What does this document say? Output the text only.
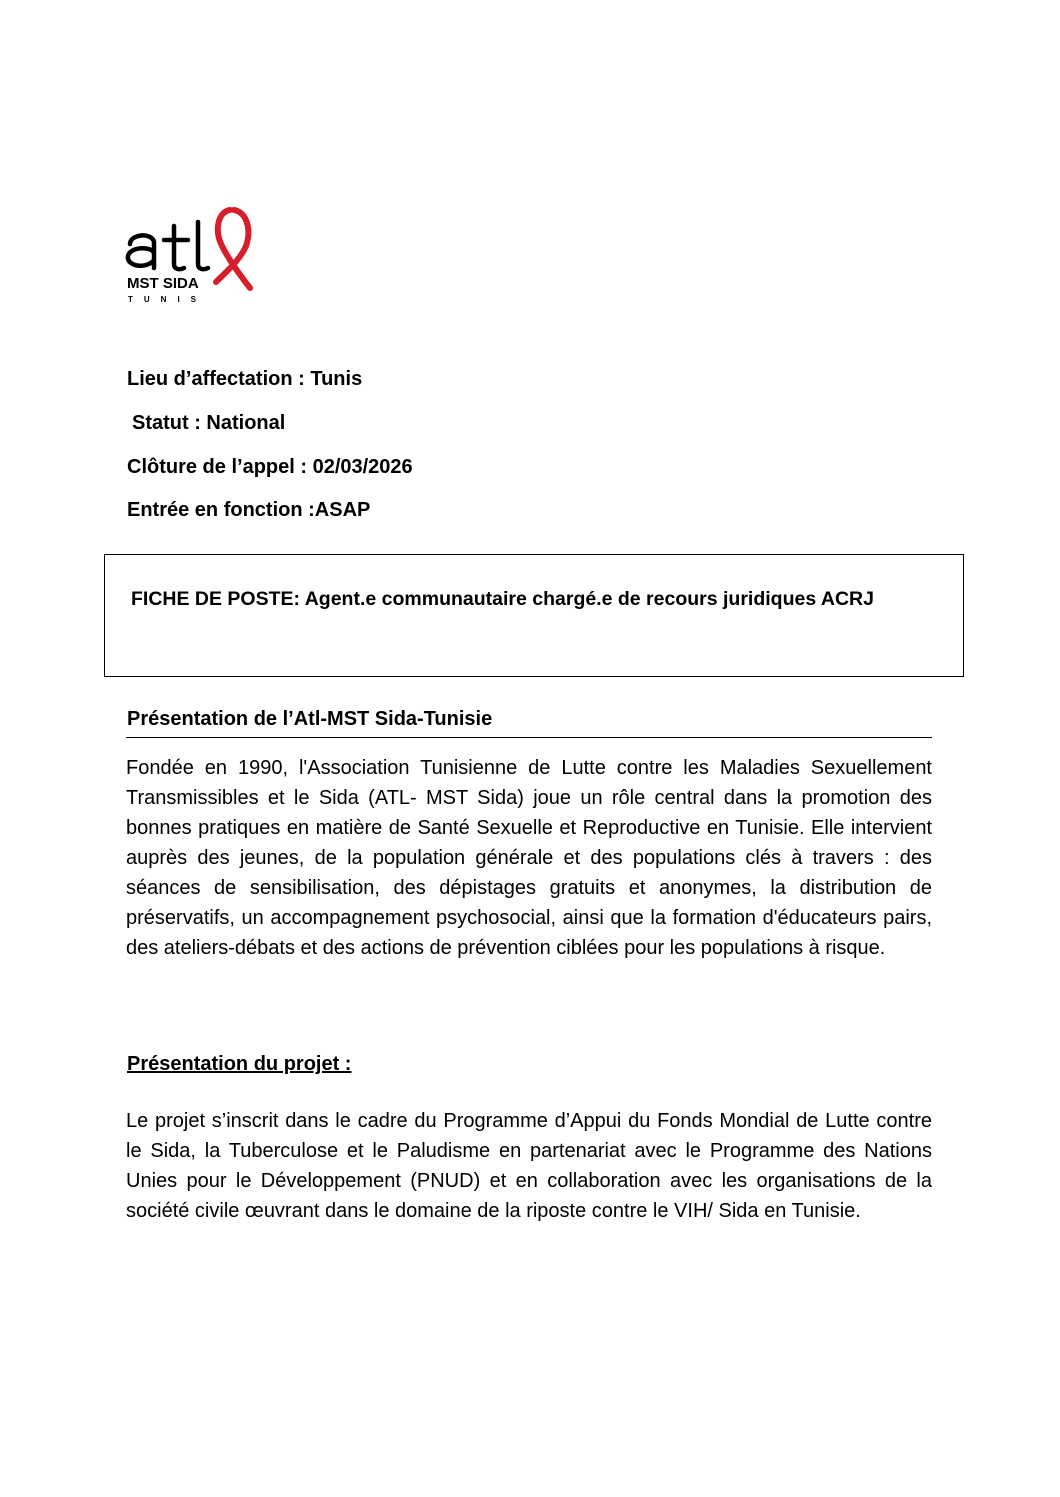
MST SIDA
TUNIS
Lieu d’affectation : Tunis
Statut : National
Clôture de l’appel : 02/03/2026
Entrée en fonction :ASAP
FICHE DE POSTE: Agent.e communautaire chargé.e de recours juridiques ACRJ
Présentation de l’Atl-MST Sida-Tunisie
Fondée en 1990, l'Association Tunisienne de Lutte contre les Maladies Sexuellement Transmissibles et le Sida (ATL- MST Sida) joue un rôle central dans la promotion des bonnes pratiques en matière de Santé Sexuelle et Reproductive en Tunisie. Elle intervient auprès des jeunes, de la population générale et des populations clés à travers : des séances de sensibilisation, des dépistages gratuits et anonymes, la distribution de préservatifs, un accompagnement psychosocial, ainsi que la formation d'éducateurs pairs, des ateliers-débats et des actions de prévention ciblées pour les populations à risque.
Présentation du projet :
Le projet s’inscrit dans le cadre du Programme d’Appui du Fonds Mondial de Lutte contre le Sida, la Tuberculose et le Paludisme en partenariat avec le Programme des Nations Unies pour le Développement (PNUD) et en collaboration avec les organisations de la société civile œuvrant dans le domaine de la riposte contre le VIH/ Sida en Tunisie.
